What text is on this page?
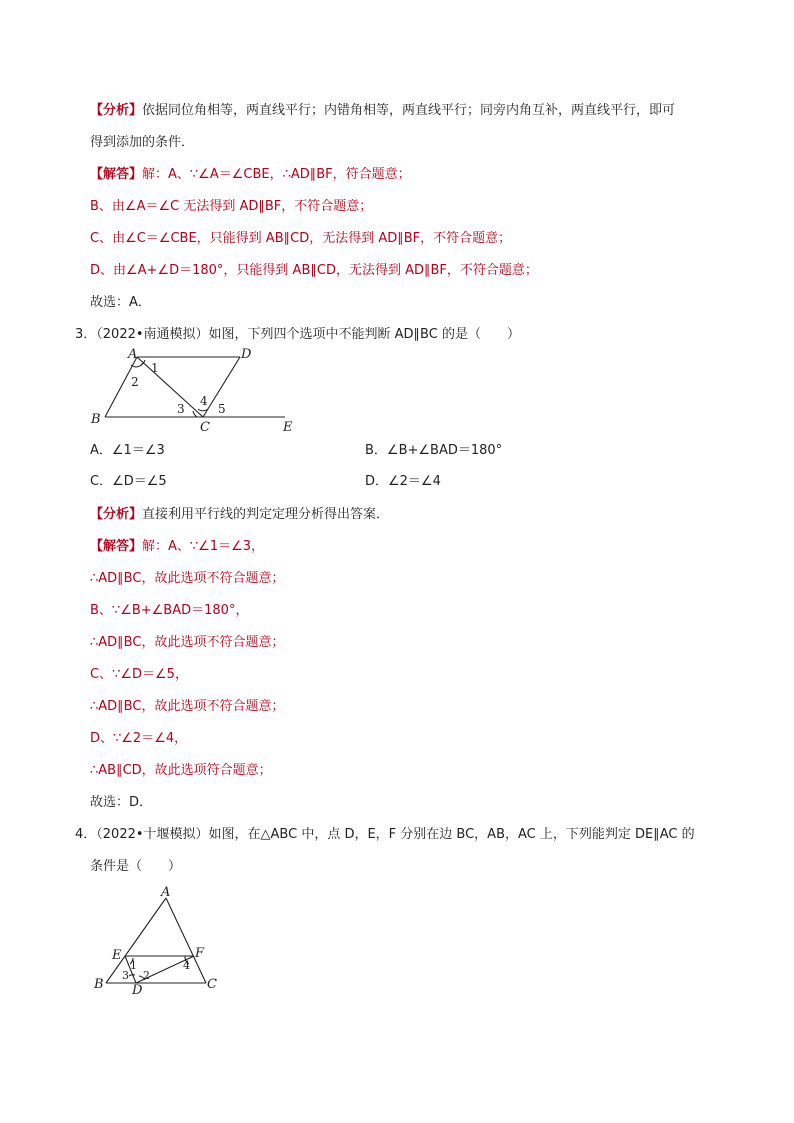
【分析】依据同位角相等，两直线平行；内错角相等，两直线平行；同旁内角互补，两直线平行，即可
得到添加的条件．
【解答】解：A、∵∠A＝∠CBE，∴AD∥BF，符合题意；
B、由∠A＝∠C 无法得到 AD∥BF，不符合题意；
C、由∠C＝∠CBE，只能得到 AB∥CD，无法得到 AD∥BF，不符合题意；
D、由∠A+∠D＝180°，只能得到 AB∥CD，无法得到 AD∥BF，不符合题意；
故选：A．
3．（2022•南通模拟）如图，下列四个选项中不能判断 AD∥BC 的是（　　）
A	D
B
C	E
1
2
3
4
5
A．∠1＝∠3	B．∠B+∠BAD＝180°
C．∠D＝∠5	D．∠2＝∠4
【分析】直接利用平行线的判定定理分析得出答案．
【解答】解：A、∵∠1＝∠3，
∴AD∥BC，故此选项不符合题意；
B、∵∠B+∠BAD＝180°，
∴AD∥BC，故此选项不符合题意；
C、∵∠D＝∠5，
∴AD∥BC，故此选项不符合题意；
D、∵∠2＝∠4，
∴AB∥CD，故此选项符合题意；
故选：D．
4．（2022•十堰模拟）如图，在△ABC 中，点 D，E，F 分别在边 BC，AB，AC 上，下列能判定 DE∥AC 的
条件是（　　）
A
E	F
B D	C
1
2
3
4
